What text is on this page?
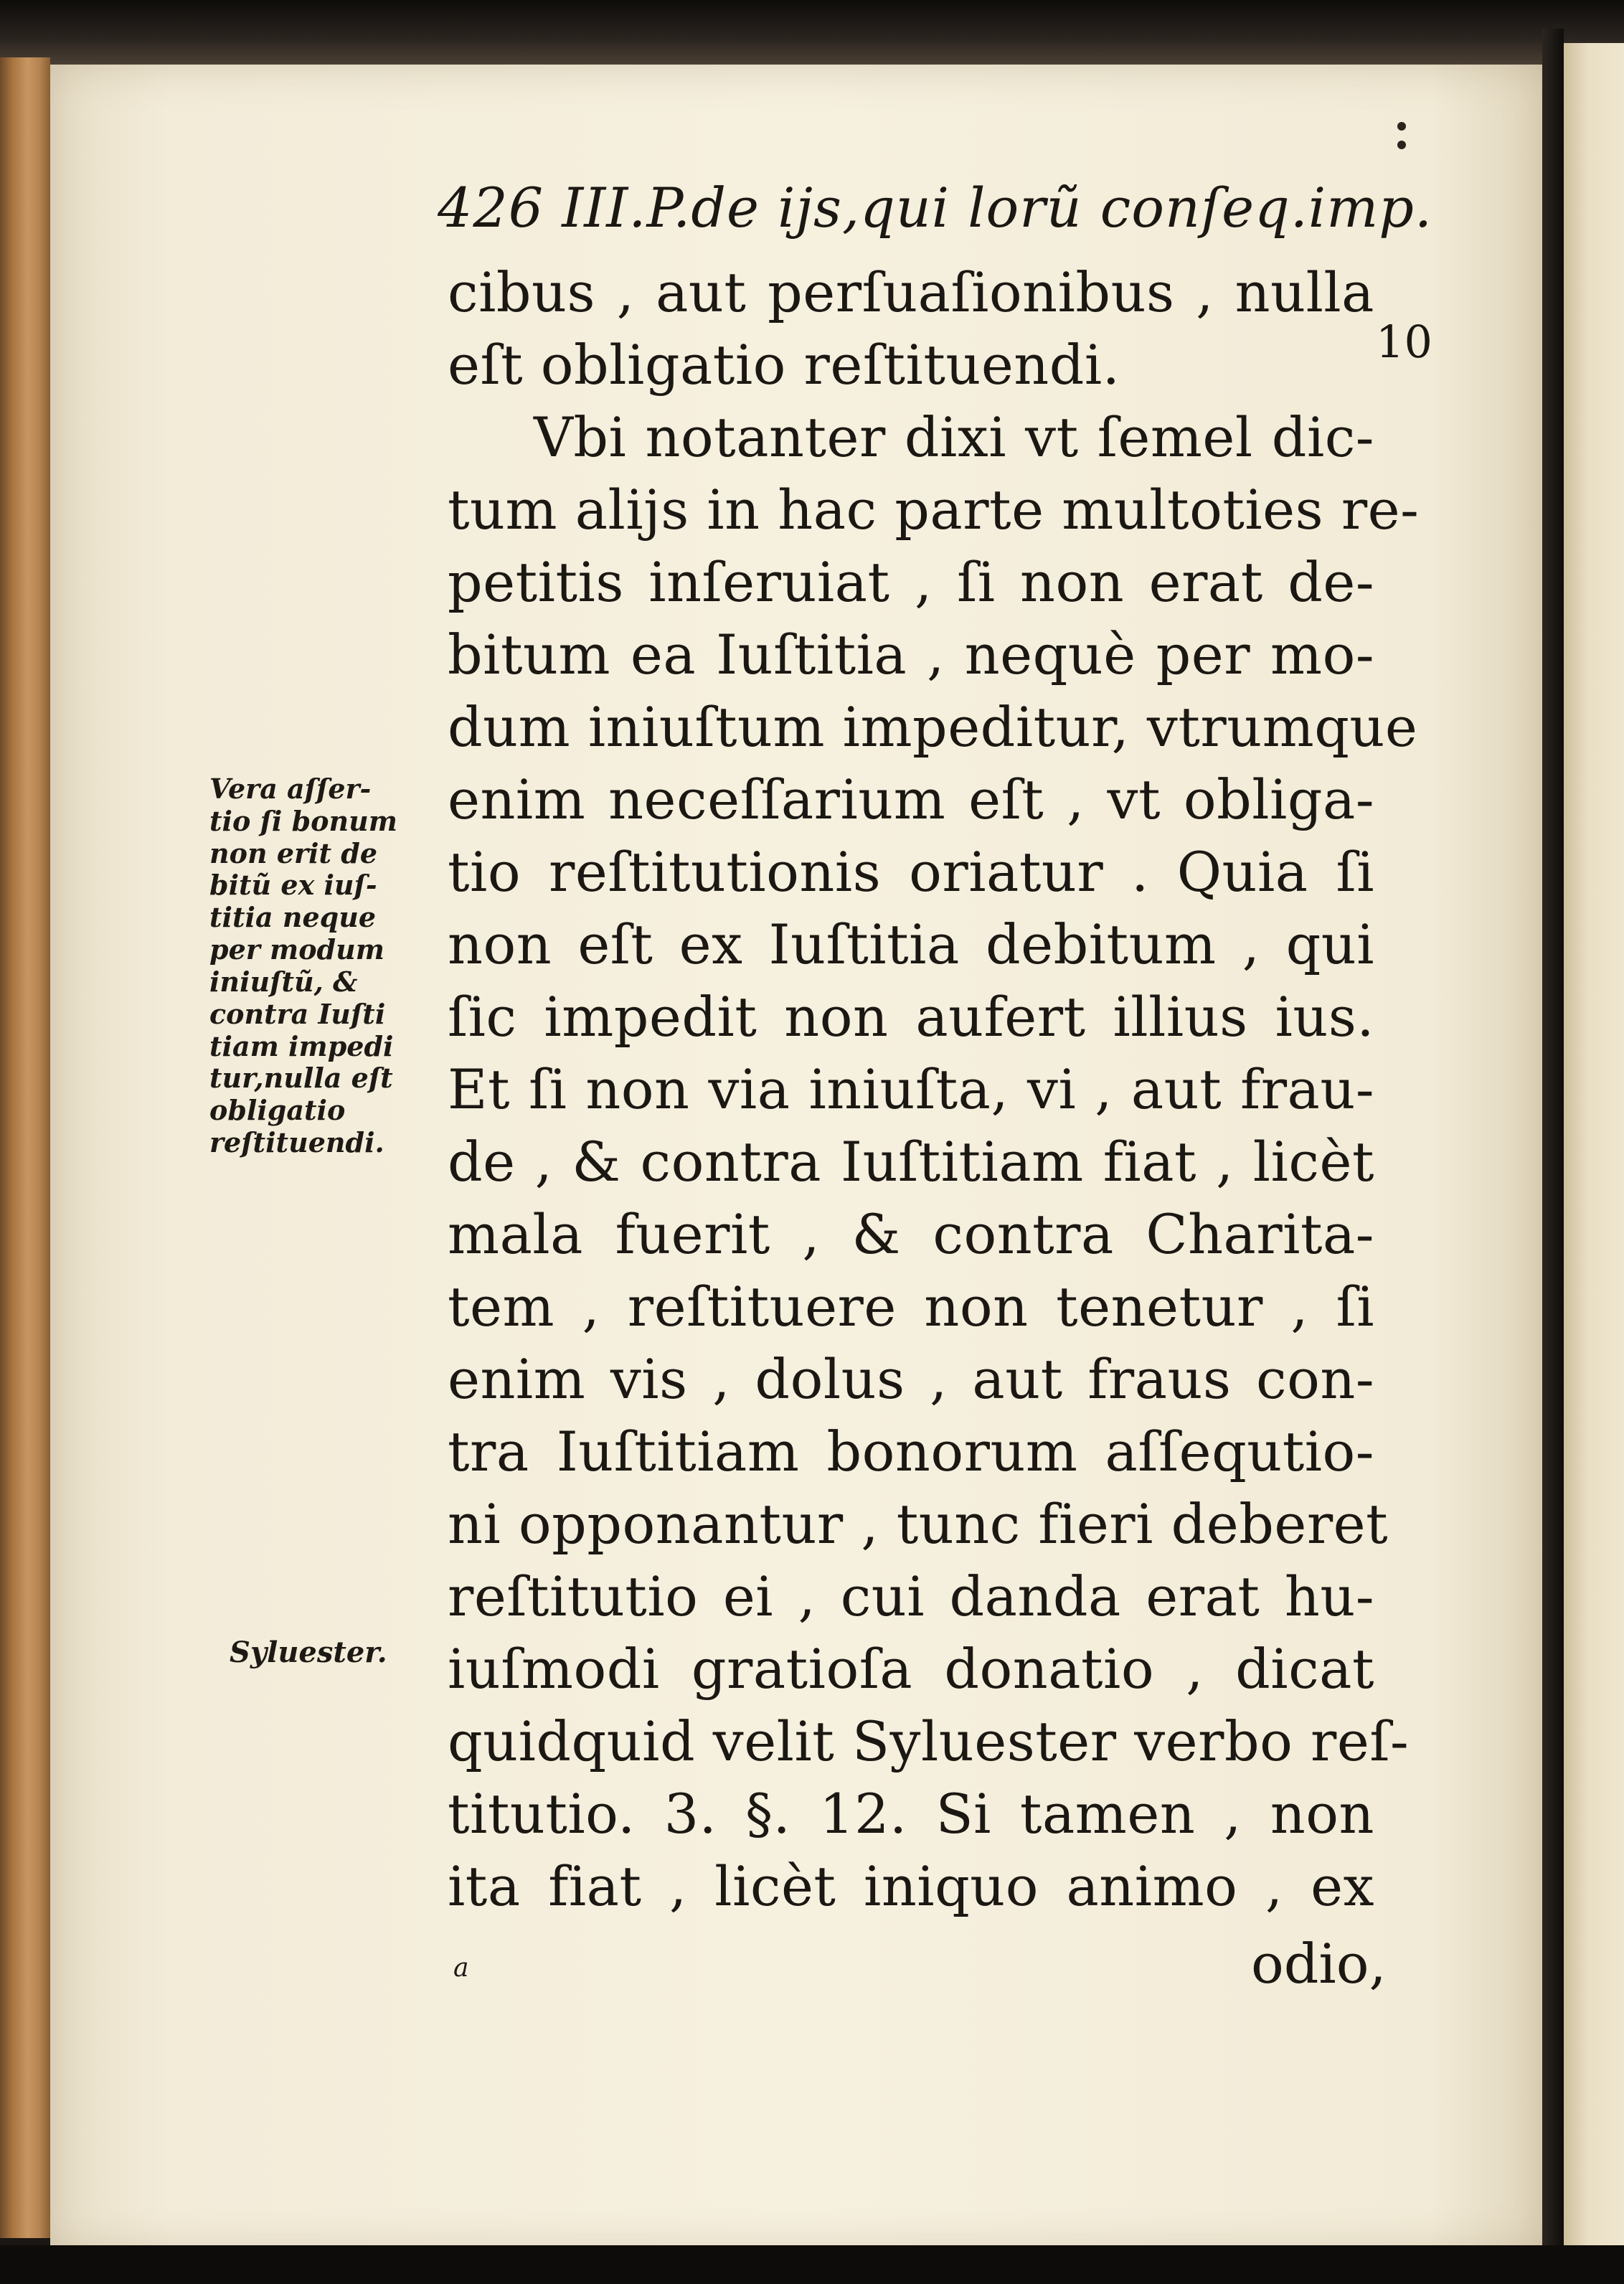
426 III.P.de ijs,qui lorũ conſeq.imp.
10
cibus , aut perſuaſionibus , nulla
eſt obligatio reſtituendi.
Vbi notanter dixi vt ſemel dic-
tum alijs in hac parte multoties re-
petitis inſeruiat , ſi non erat de-
bitum ea Iuſtitia , nequè per mo-
dum iniuſtum impeditur, vtrumque
enim neceſſarium eſt , vt obliga-
tio reſtitutionis oriatur . Quia ſi
non eſt ex Iuſtitia debitum , qui
ſic impedit non aufert illius ius.
Et ſi non via iniuſta, vi , aut frau-
de , & contra Iuſtitiam fiat , licèt
mala fuerit , & contra Charita-
tem , reſtituere non tenetur , ſi
enim vis , dolus , aut fraus con-
tra Iuſtitiam bonorum aſſequtio-
ni opponantur , tunc fieri deberet
reſtitutio ei , cui danda erat hu-
iuſmodi gratioſa donatio , dicat
quidquid velit Syluester verbo reſ-
titutio. 3. §. 12. Si tamen , non
ita fiat , licèt iniquo animo , ex
Vera aſſer-
tio ſi bonum
non erit de
bitũ ex iuſ-
titia neque
per modum
iniuſtũ, &
contra Iuſti
tiam impedi
tur,nulla eſt
obligatio
reſtituendi.
Syluester.
a	odio,
